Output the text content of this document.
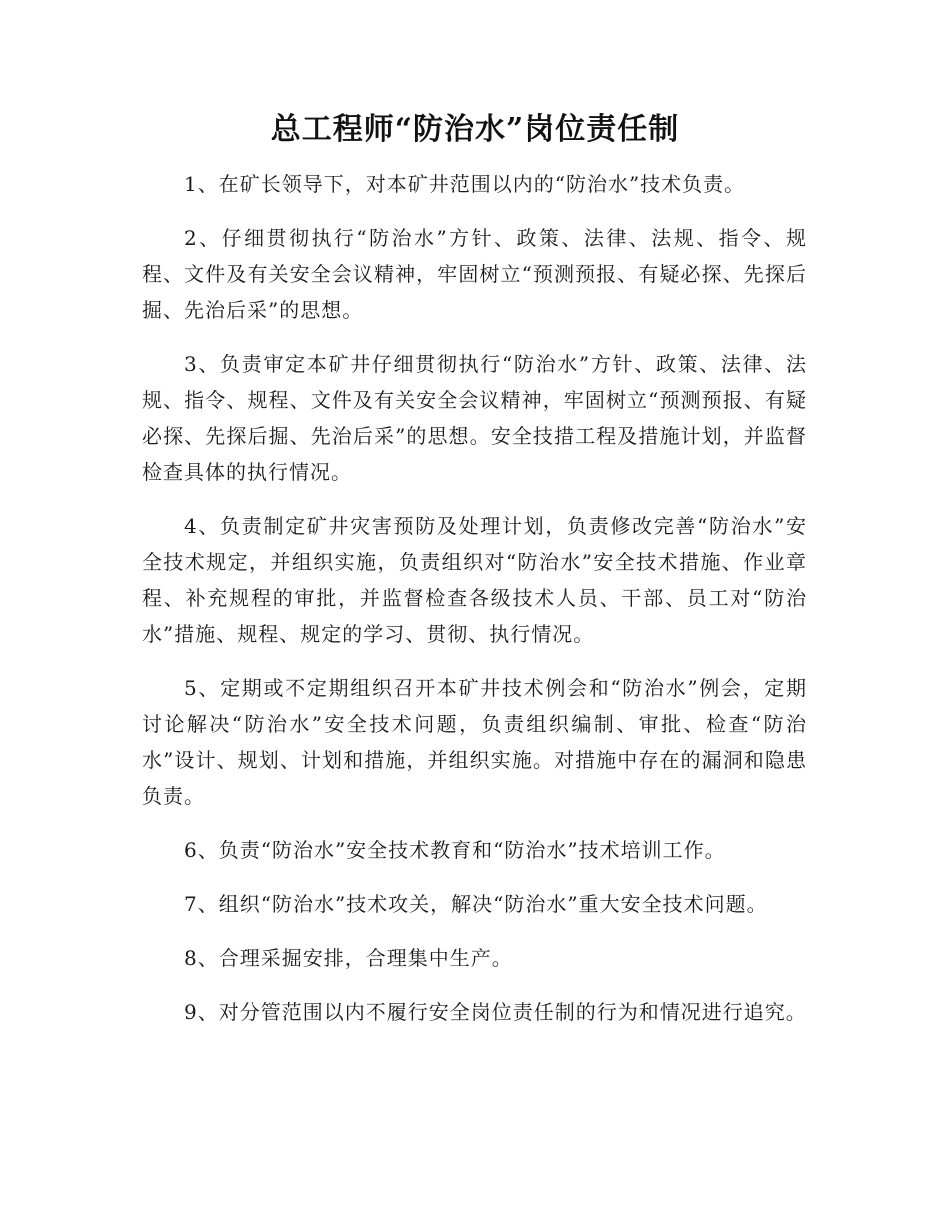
总工程师“防治水”岗位责任制

1、在矿长领导下，对本矿井范围以内的“防治水”技术负责。

2、仔细贯彻执行“防治水”方针、政策、法律、法规、指令、规程、文件及有关安全会议精神，牢固树立“预测预报、有疑必探、先探后掘、先治后采”的思想。

3、负责审定本矿井仔细贯彻执行“防治水”方针、政策、法律、法规、指令、规程、文件及有关安全会议精神，牢固树立“预测预报、有疑必探、先探后掘、先治后采”的思想。安全技措工程及措施计划，并监督检查具体的执行情况。

4、负责制定矿井灾害预防及处理计划，负责修改完善“防治水”安全技术规定，并组织实施，负责组织对“防治水”安全技术措施、作业章程、补充规程的审批，并监督检查各级技术人员、干部、员工对“防治水”措施、规程、规定的学习、贯彻、执行情况。

5、定期或不定期组织召开本矿井技术例会和“防治水”例会，定期讨论解决“防治水”安全技术问题，负责组织编制、审批、检查“防治水”设计、规划、计划和措施，并组织实施。对措施中存在的漏洞和隐患负责。

6、负责“防治水”安全技术教育和“防治水”技术培训工作。

7、组织“防治水”技术攻关，解决“防治水”重大安全技术问题。

8、合理采掘安排，合理集中生产。

9、对分管范围以内不履行安全岗位责任制的行为和情况进行追究。
